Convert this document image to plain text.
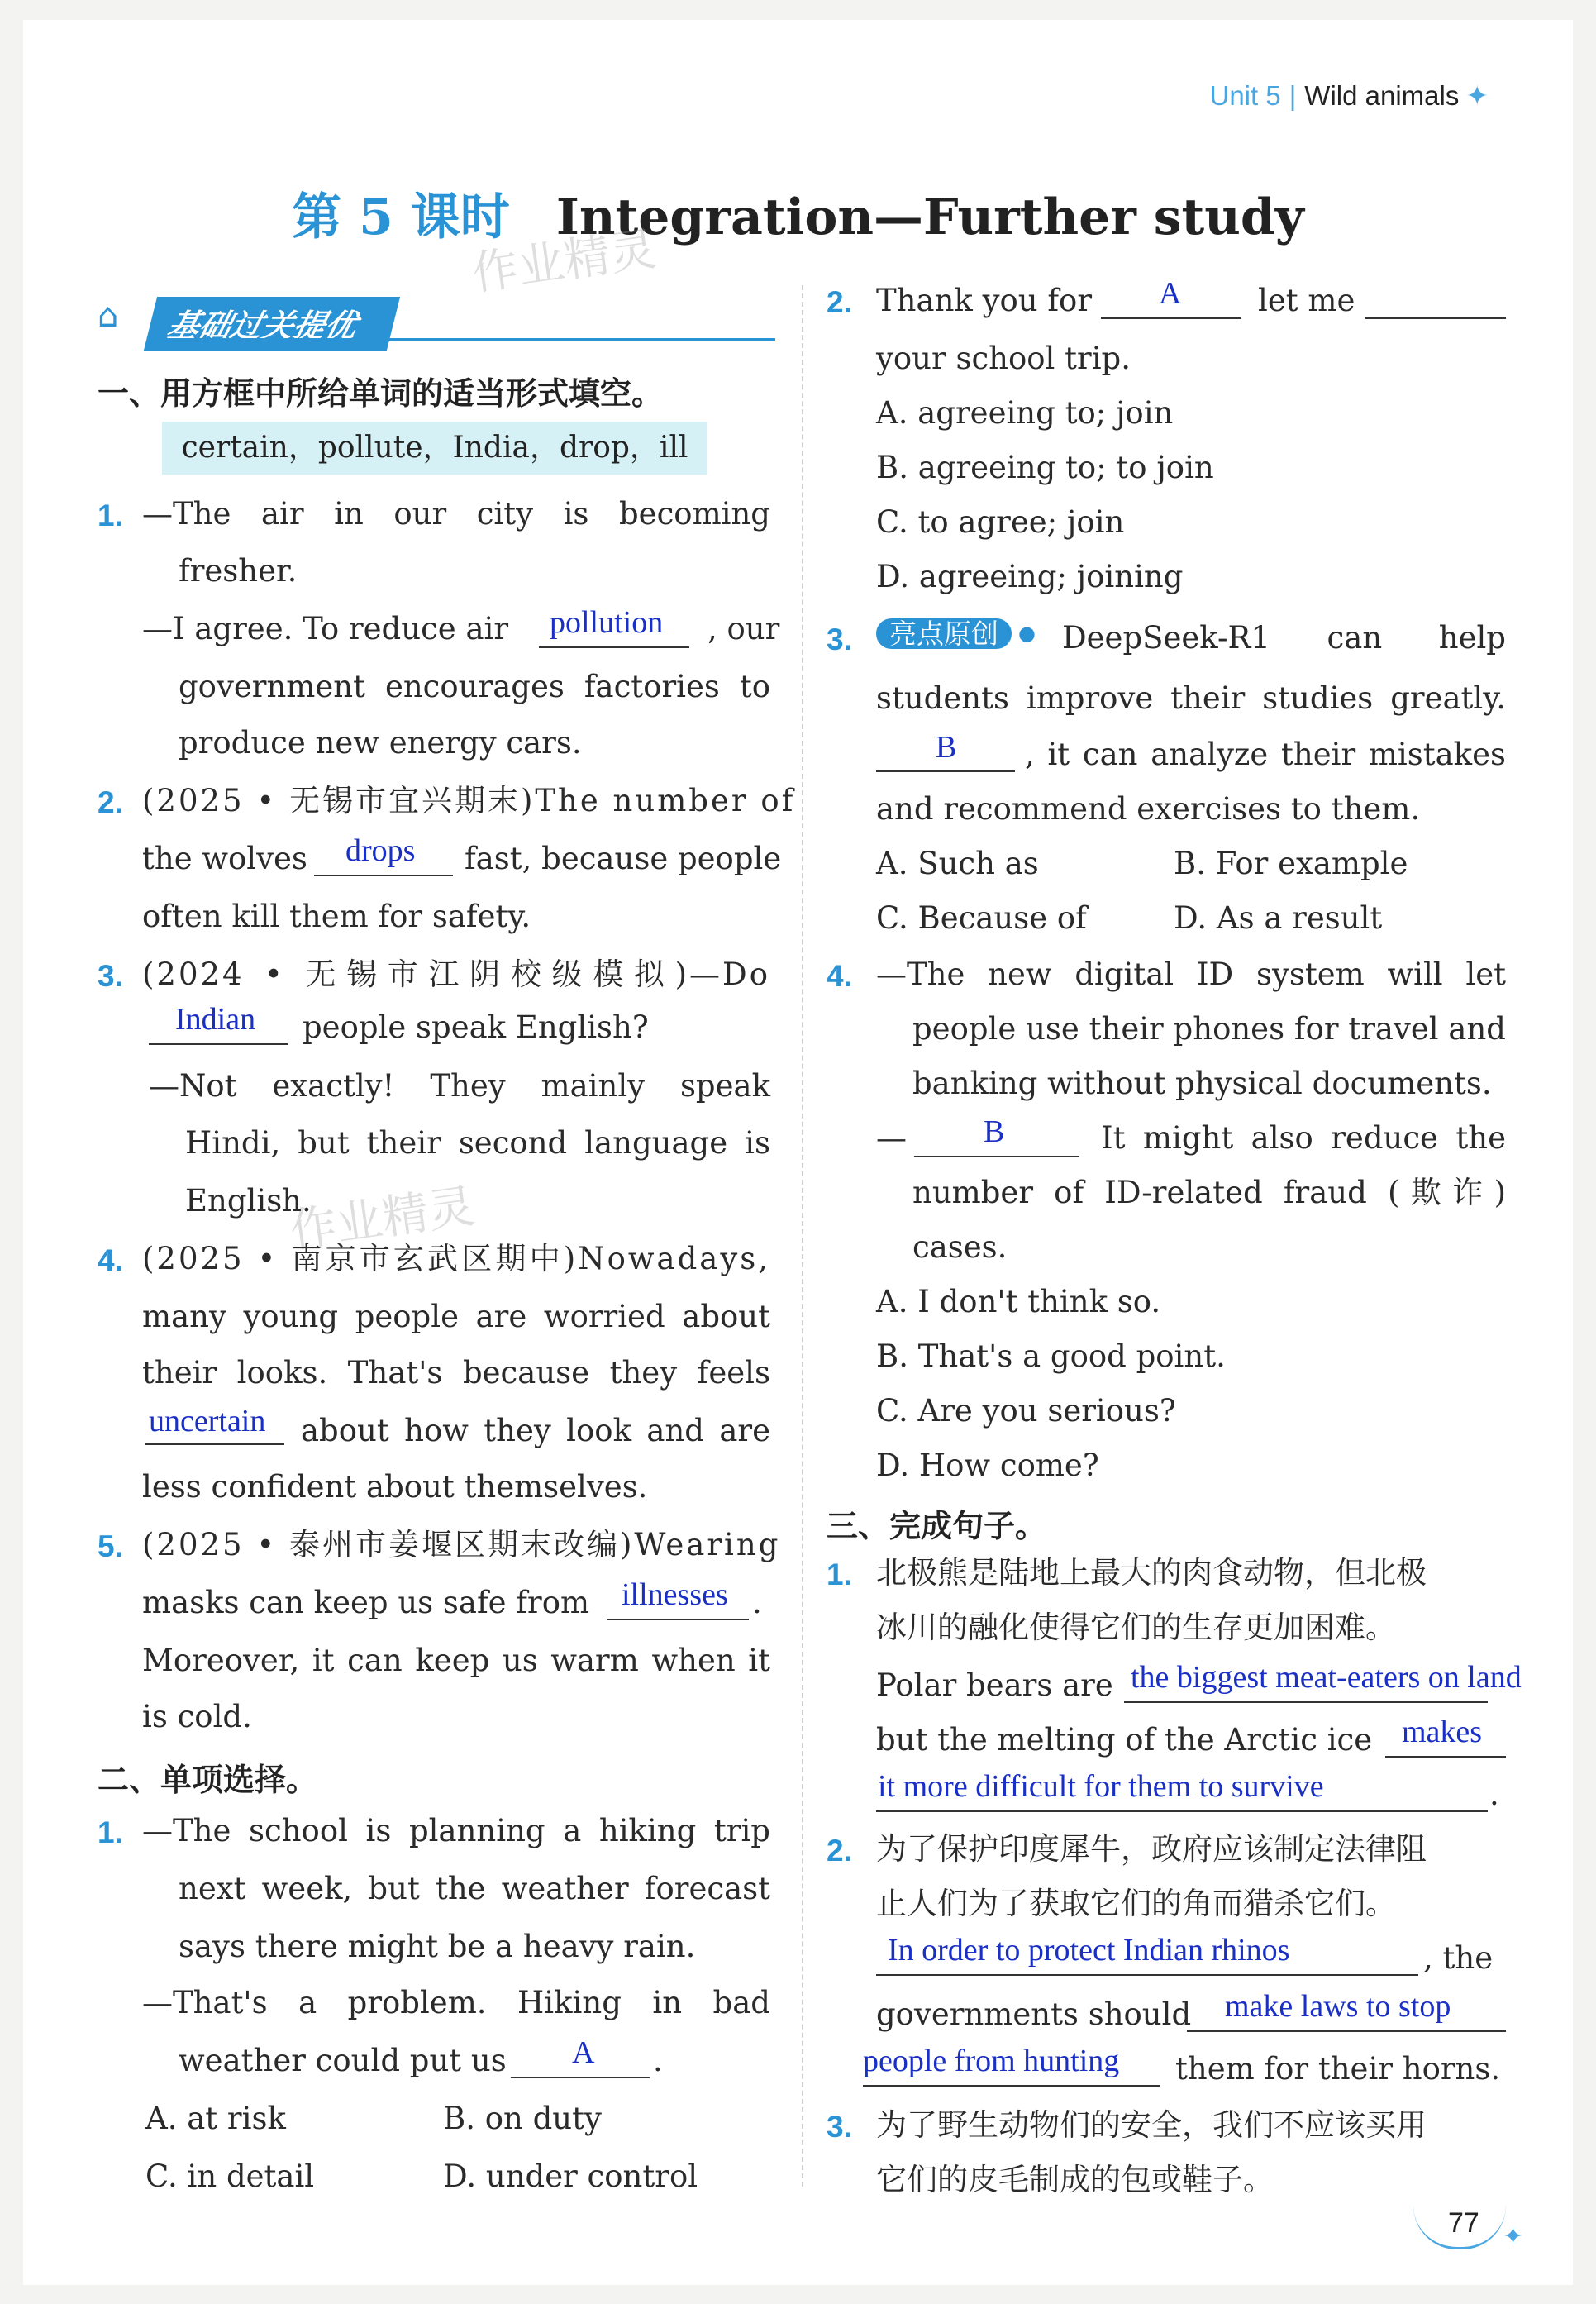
Unit 5 | Wild animals ✦
第 5 课时 Integration—Further study
作业精灵
作业精灵
⌂	基础过关提优
一、用方框中所给单词的适当形式填空。
certain，pollute，India，drop，ill
1. —The air in our city is becoming
fresher.
—I agree. To reduce air pollution , our
government encourages factories to
produce new energy cars.
2. (2025 • 无锡市宜兴期末)The number of
the wolves drops fast, because people
often kill them for safety.
3. (2024 • 无锡市江阴校级模拟)—Do
Indian people speak English?
—Not exactly! They mainly speak
Hindi, but their second language is
English.
4. (2025 • 南京市玄武区期中)Nowadays,
many young people are worried about
their looks. That's because they feels
uncertain about how they look and are
less confident about themselves.
5. (2025 • 泰州市姜堰区期末改编)Wearing
masks can keep us safe from illnesses .
Moreover, it can keep us warm when it
is cold.
二、单项选择。
1. —The school is planning a hiking trip
next week, but the weather forecast
says there might be a heavy rain.
—That's a problem. Hiking in bad
weather could put us A .
A. at risk	B. on duty
C. in detail	D. under control
2. Thank you for A	let me
your school trip.
A. agreeing to; join
B. agreeing to; to join
C. to agree; join
D. agreeing; joining
3.	亮点原创 ● DeepSeek-R1 can help
students improve their studies greatly.
B , it can analyze their mistakes
and recommend exercises to them.
A. Such as	B. For example
C. Because of	D. As a result
4. —The new digital ID system will let
people use their phones for travel and
banking without physical documents.
— B	It might also reduce the
number of ID-related fraud (欺诈)
cases.
A. I don't think so.
B. That's a good point.
C. Are you serious?
D. How come?
三、完成句子。
1. 北极熊是陆地上最大的肉食动物，但北极
冰川的融化使得它们的生存更加困难。
Polar bears are the biggest meat-eaters on land
but the melting of the Arctic ice makes
it more difficult for them to survive	.
2. 为了保护印度犀牛，政府应该制定法律阻
止人们为了获取它们的角而猎杀它们。
In order to protect Indian rhinos	, the
governments should make laws to stop
people from hunting them for their horns.
3. 为了野生动物们的安全，我们不应该买用
它们的皮毛制成的包或鞋子。
77 ✦
